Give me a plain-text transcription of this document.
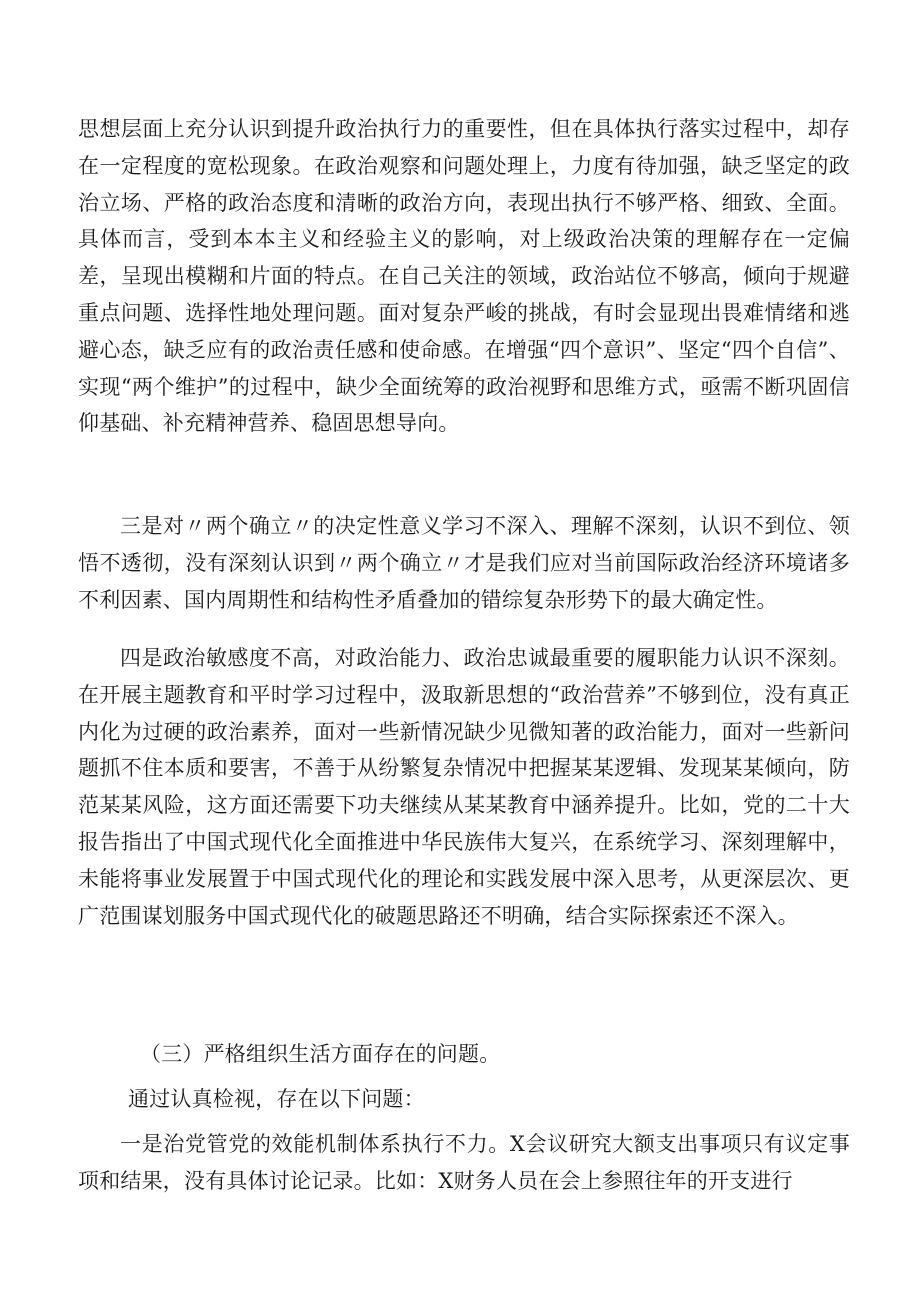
思想层面上充分认识到提升政治执行力的重要性，但在具体执行落实过程中，却存在一定程度的宽松现象。在政治观察和问题处理上，力度有待加强，缺乏坚定的政治立场、严格的政治态度和清晰的政治方向，表现出执行不够严格、细致、全面。具体而言，受到本本主义和经验主义的影响，对上级政治决策的理解存在一定偏差，呈现出模糊和片面的特点。在自己关注的领域，政治站位不够高，倾向于规避重点问题、选择性地处理问题。面对复杂严峻的挑战，有时会显现出畏难情绪和逃避心态，缺乏应有的政治责任感和使命感。在增强“四个意识”、坚定“四个自信”、实现“两个维护”的过程中，缺少全面统筹的政治视野和思维方式，亟需不断巩固信仰基础、补充精神营养、稳固思想导向。

三是对〃两个确立〃的决定性意义学习不深入、理解不深刻，认识不到位、领悟不透彻，没有深刻认识到〃两个确立〃才是我们应对当前国际政治经济环境诸多不利因素、国内周期性和结构性矛盾叠加的错综复杂形势下的最大确定性。

四是政治敏感度不高，对政治能力、政治忠诚最重要的履职能力认识不深刻。在开展主题教育和平时学习过程中，汲取新思想的“政治营养”不够到位，没有真正内化为过硬的政治素养，面对一些新情况缺少见微知著的政治能力，面对一些新问题抓不住本质和要害，不善于从纷繁复杂情况中把握某某逻辑、发现某某倾向，防范某某风险，这方面还需要下功夫继续从某某教育中涵养提升。比如，党的二十大报告指出了中国式现代化全面推进中华民族伟大复兴，在系统学习、深刻理解中，未能将事业发展置于中国式现代化的理论和实践发展中深入思考，从更深层次、更广范围谋划服务中国式现代化的破题思路还不明确，结合实际探索还不深入。

（三）严格组织生活方面存在的问题。

通过认真检视，存在以下问题：

一是治党管党的效能机制体系执行不力。X会议研究大额支出事项只有议定事项和结果，没有具体讨论记录。比如：X财务人员在会上参照往年的开支进行
